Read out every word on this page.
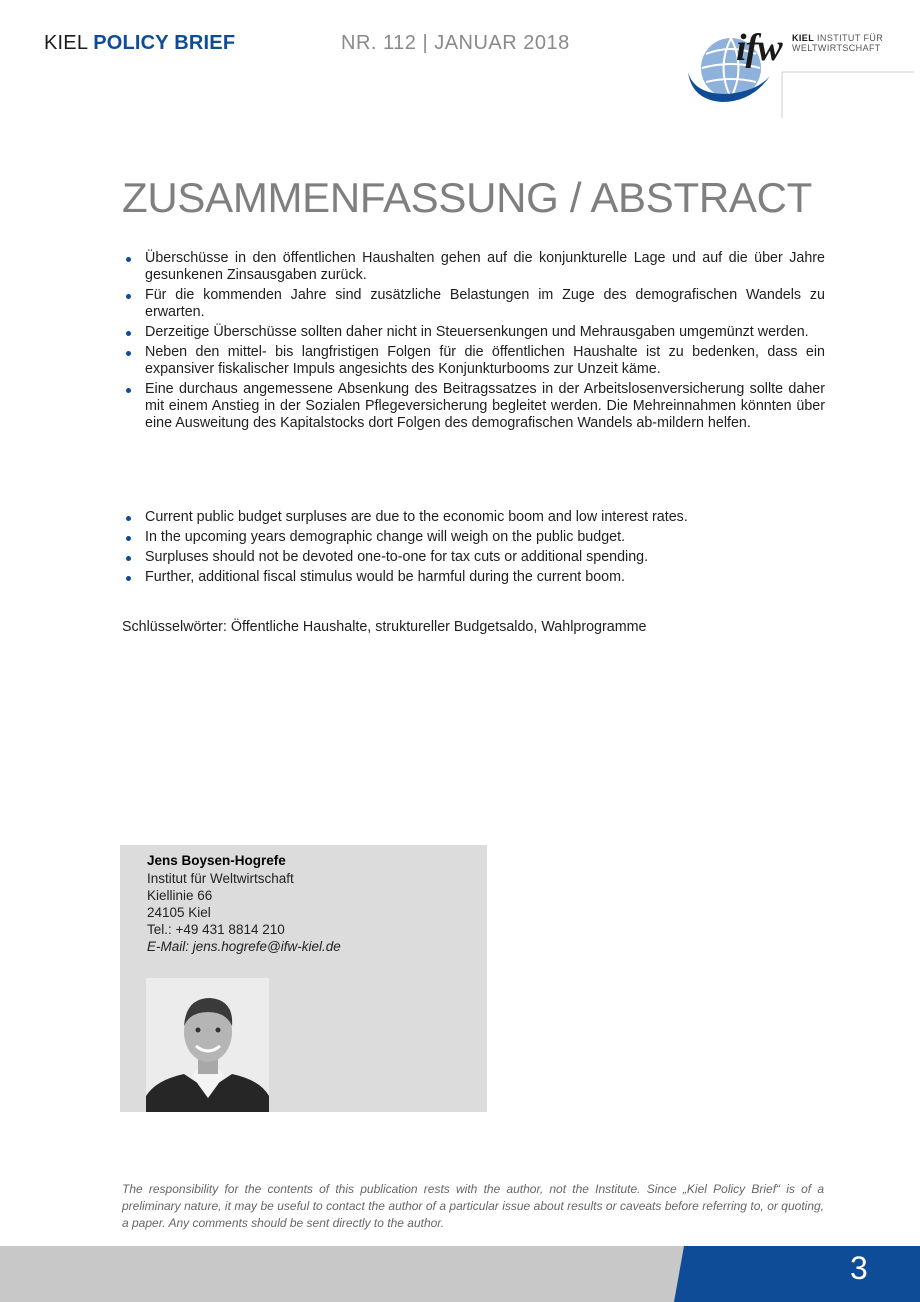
KIEL POLICY BRIEF	NR. 112 | JANUAR 2018	ifw KIEL INSTITUT FÜR
WELTWIRTSCHAFT
ZUSAMMENFASSUNG / ABSTRACT
Überschüsse in den öffentlichen Haushalten gehen auf die konjunkturelle Lage und auf die über Jahre gesunkenen Zinsausgaben zurück.
Für die kommenden Jahre sind zusätzliche Belastungen im Zuge des demografischen Wandels zu erwarten.
Derzeitige Überschüsse sollten daher nicht in Steuersenkungen und Mehrausgaben umgemünzt werden.
Neben den mittel- bis langfristigen Folgen für die öffentlichen Haushalte ist zu bedenken, dass ein expansiver fiskalischer Impuls angesichts des Konjunkturbooms zur Unzeit käme.
Eine durchaus angemessene Absenkung des Beitragssatzes in der Arbeitslosenversicherung sollte daher mit einem Anstieg in der Sozialen Pflegeversicherung begleitet werden. Die Mehreinnahmen könnten über eine Ausweitung des Kapitalstocks dort Folgen des demografischen Wandels ab-mildern helfen.
Current public budget surpluses are due to the economic boom and low interest rates.
In the upcoming years demographic change will weigh on the public budget.
Surpluses should not be devoted one-to-one for tax cuts or additional spending.
Further, additional fiscal stimulus would be harmful during the current boom.
Schlüsselwörter: Öffentliche Haushalte, struktureller Budgetsaldo, Wahlprogramme
Jens Boysen-Hogrefe
Institut für Weltwirtschaft
Kiellinie 66
24105 Kiel
Tel.: +49 431 8814 210
E-Mail: jens.hogrefe@ifw-kiel.de
The responsibility for the contents of this publication rests with the author, not the Institute. Since „Kiel Policy Brief“ is of a preliminary nature, it may be useful to contact the author of a particular issue about results or caveats before referring to, or quoting, a paper. Any comments should be sent directly to the author.
3
